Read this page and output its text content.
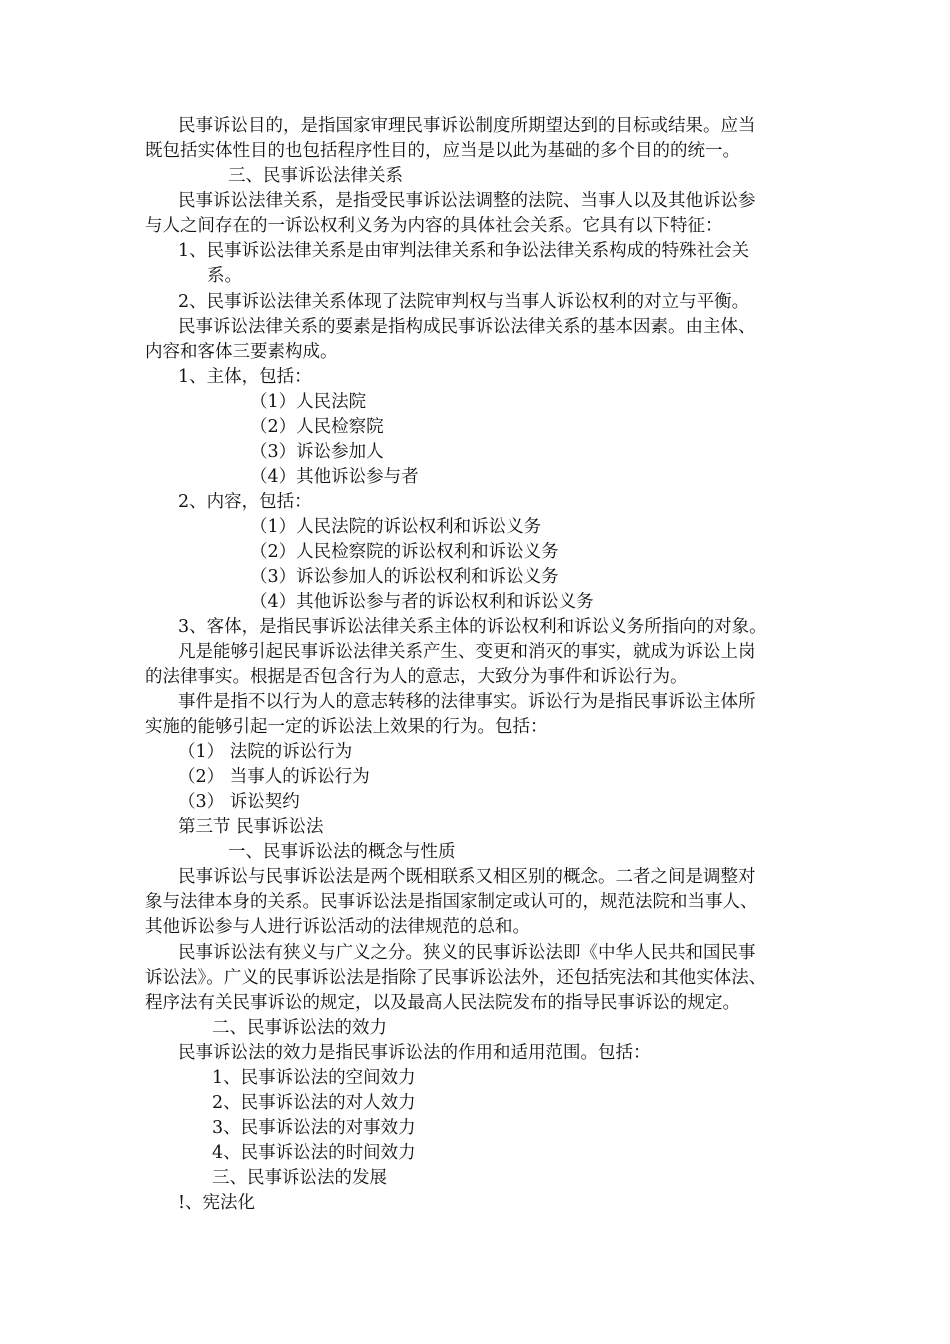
民事诉讼目的，是指国家审理民事诉讼制度所期望达到的目标或结果。应当
既包括实体性目的也包括程序性目的，应当是以此为基础的多个目的的统一。
三、民事诉讼法律关系
民事诉讼法律关系，是指受民事诉讼法调整的法院、当事人以及其他诉讼参
与人之间存在的一诉讼权利义务为内容的具体社会关系。它具有以下特征：
1、民事诉讼法律关系是由审判法律关系和争讼法律关系构成的特殊社会关
系。
2、民事诉讼法律关系体现了法院审判权与当事人诉讼权利的对立与平衡。
民事诉讼法律关系的要素是指构成民事诉讼法律关系的基本因素。由主体、
内容和客体三要素构成。
1、主体，包括：
（1）人民法院
（2）人民检察院
（3）诉讼参加人
（4）其他诉讼参与者
2、内容，包括：
（1）人民法院的诉讼权利和诉讼义务
（2）人民检察院的诉讼权利和诉讼义务
（3）诉讼参加人的诉讼权利和诉讼义务
（4）其他诉讼参与者的诉讼权利和诉讼义务
3、客体，是指民事诉讼法律关系主体的诉讼权利和诉讼义务所指向的对象。
凡是能够引起民事诉讼法律关系产生、变更和消灭的事实，就成为诉讼上岗
的法律事实。根据是否包含行为人的意志，大致分为事件和诉讼行为。
事件是指不以行为人的意志转移的法律事实。诉讼行为是指民事诉讼主体所
实施的能够引起一定的诉讼法上效果的行为。包括：
（1） 法院的诉讼行为
（2） 当事人的诉讼行为
（3） 诉讼契约
第三节 民事诉讼法
一、民事诉讼法的概念与性质
民事诉讼与民事诉讼法是两个既相联系又相区别的概念。二者之间是调整对
象与法律本身的关系。民事诉讼法是指国家制定或认可的，规范法院和当事人、
其他诉讼参与人进行诉讼活动的法律规范的总和。
民事诉讼法有狭义与广义之分。狭义的民事诉讼法即《中华人民共和国民事
诉讼法》。广义的民事诉讼法是指除了民事诉讼法外，还包括宪法和其他实体法、
程序法有关民事诉讼的规定，以及最高人民法院发布的指导民事诉讼的规定。
二、民事诉讼法的效力
民事诉讼法的效力是指民事诉讼法的作用和适用范围。包括：
1、民事诉讼法的空间效力
2、民事诉讼法的对人效力
3、民事诉讼法的对事效力
4、民事诉讼法的时间效力
三、民事诉讼法的发展
!、宪法化
